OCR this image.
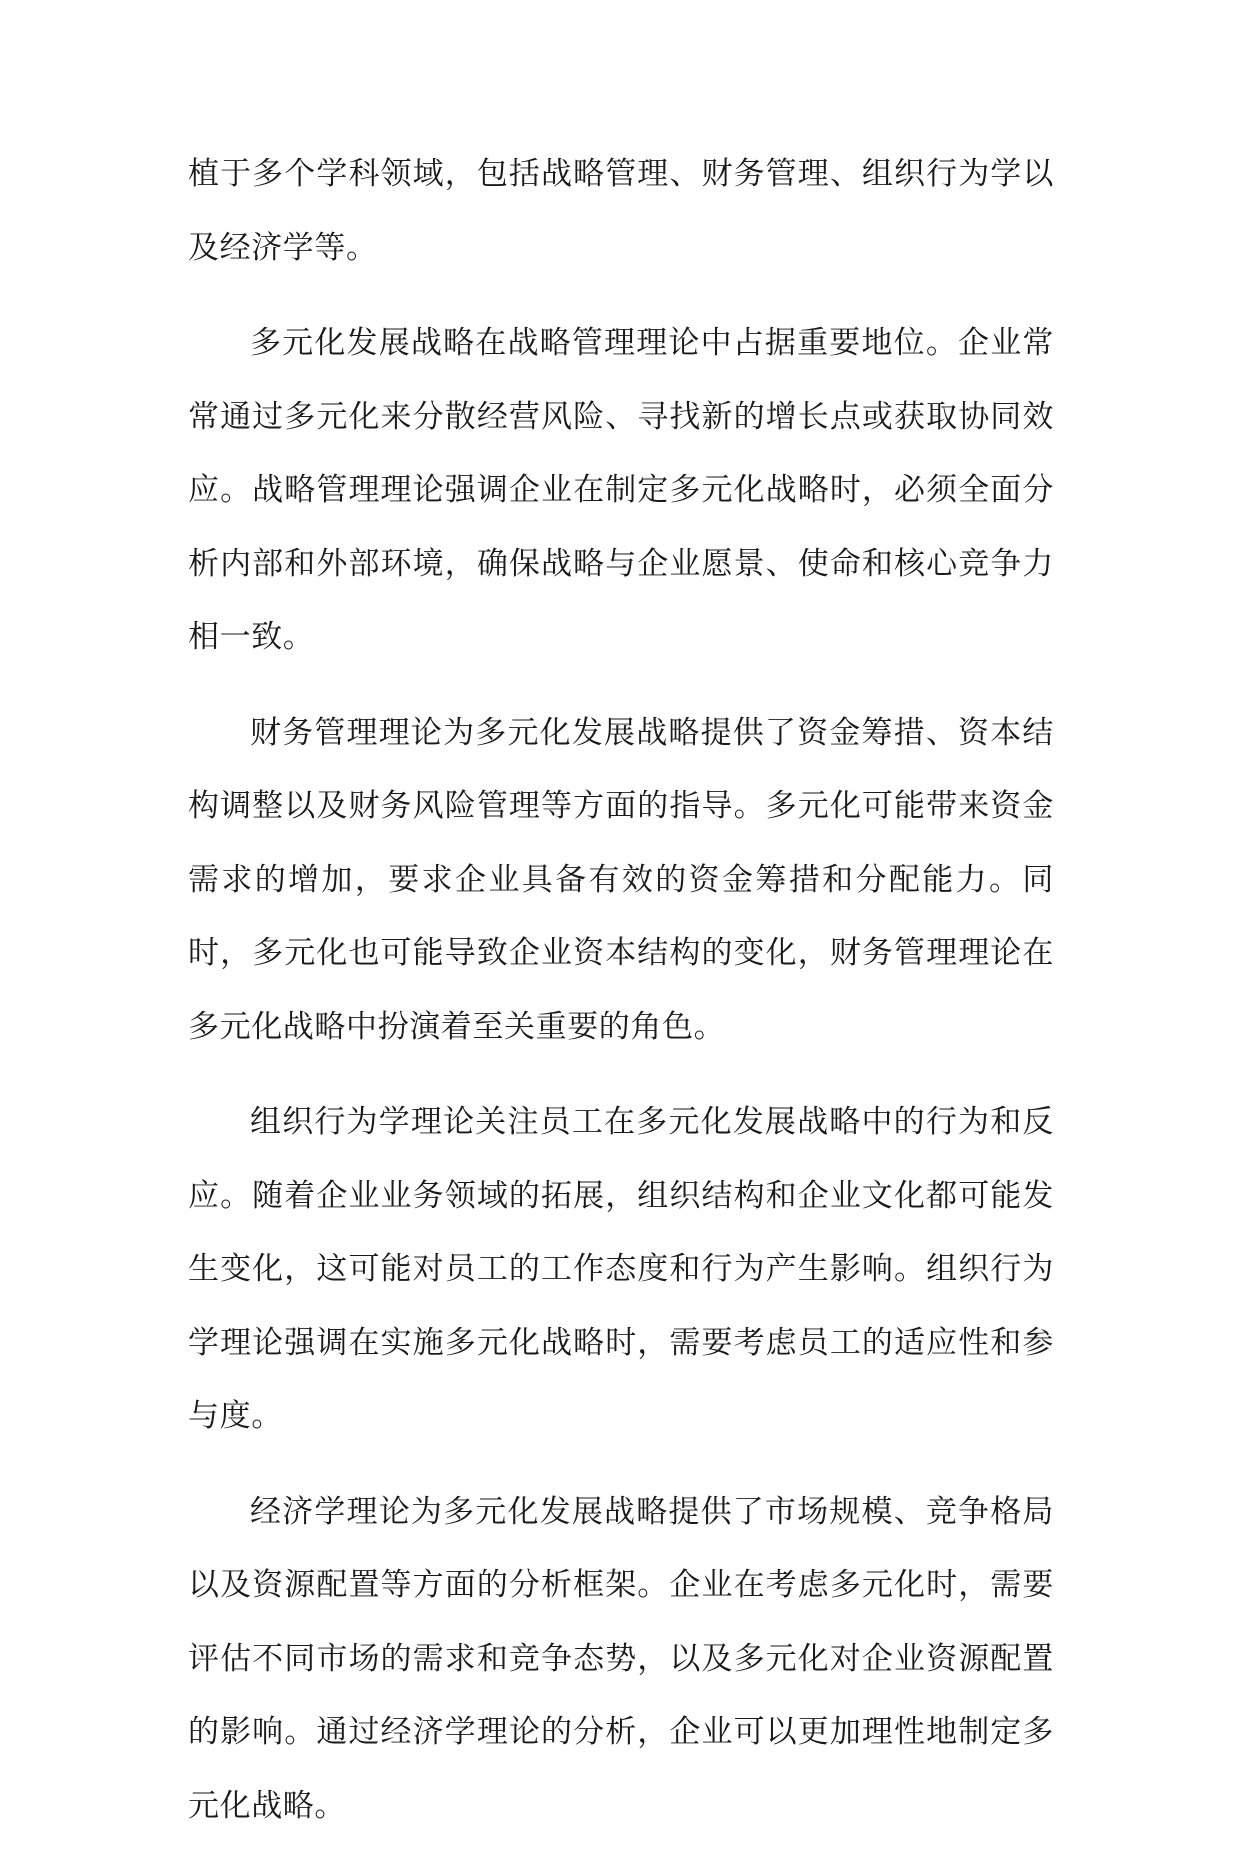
植于多个学科领域，包括战略管理、财务管理、组织行为学以及经济学等。

多元化发展战略在战略管理理论中占据重要地位。企业常常通过多元化来分散经营风险、寻找新的增长点或获取协同效应。战略管理理论强调企业在制定多元化战略时，必须全面分析内部和外部环境，确保战略与企业愿景、使命和核心竞争力相一致。

财务管理理论为多元化发展战略提供了资金筹措、资本结构调整以及财务风险管理等方面的指导。多元化可能带来资金需求的增加，要求企业具备有效的资金筹措和分配能力。同时，多元化也可能导致企业资本结构的变化，财务管理理论在多元化战略中扮演着至关重要的角色。

组织行为学理论关注员工在多元化发展战略中的行为和反应。随着企业业务领域的拓展，组织结构和企业文化都可能发生变化，这可能对员工的工作态度和行为产生影响。组织行为学理论强调在实施多元化战略时，需要考虑员工的适应性和参与度。

经济学理论为多元化发展战略提供了市场规模、竞争格局以及资源配置等方面的分析框架。企业在考虑多元化时，需要评估不同市场的需求和竞争态势，以及多元化对企业资源配置的影响。通过经济学理论的分析，企业可以更加理性地制定多元化战略。
